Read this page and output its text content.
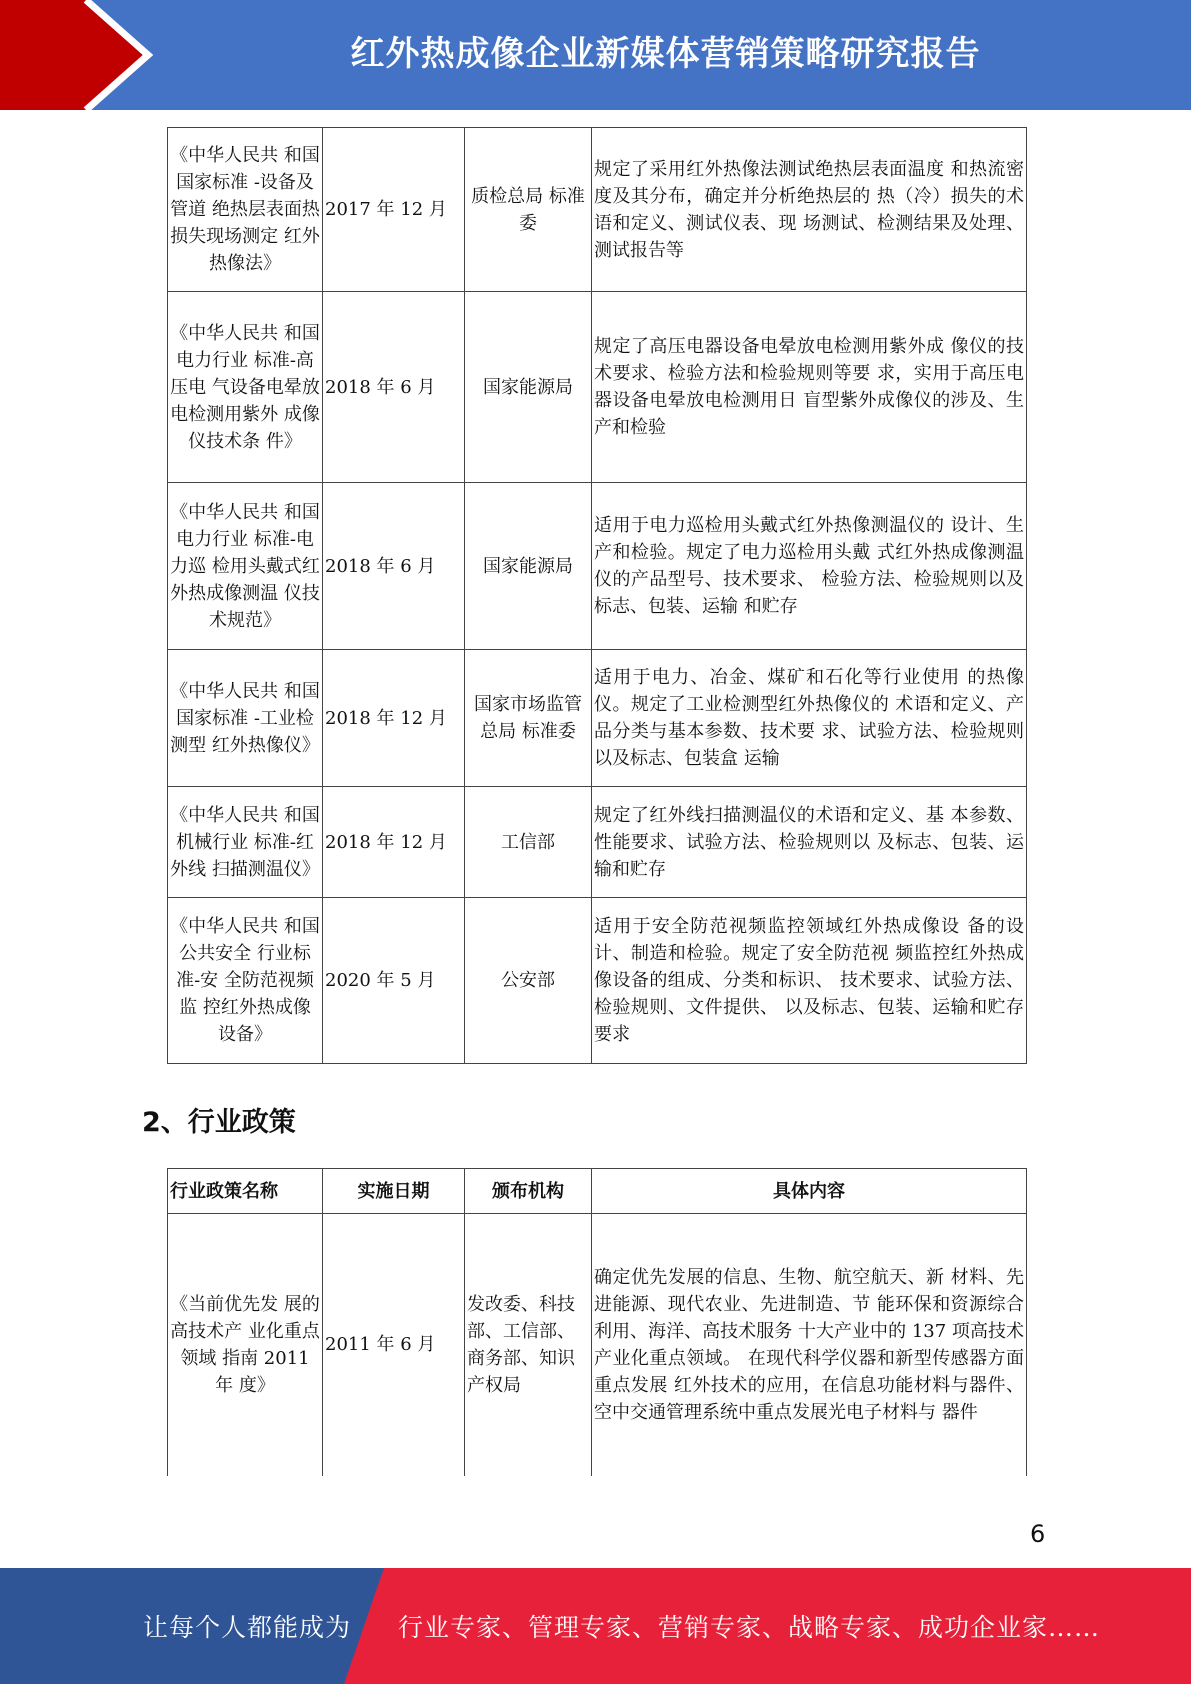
红外热成像企业新媒体营销策略研究报告
《中华人民共 和国国家标准 -设备及管道 绝热层表面热 损失现场测定 红外热像法》	2017 年 12 月	质检总局 标准委	规定了采用红外热像法测试绝热层表面温度 和热流密度及其分布，确定并分析绝热层的 热（冷）损失的术语和定义、测试仪表、现 场测试、检测结果及处理、测试报告等
《中华人民共 和国电力行业 标准-高压电 气设备电晕放 电检测用紫外 成像仪技术条 件》	2018 年 6 月	国家能源局	规定了高压电器设备电晕放电检测用紫外成 像仪的技术要求、检验方法和检验规则等要 求，实用于高压电器设备电晕放电检测用日 盲型紫外成像仪的涉及、生产和检验
《中华人民共 和国电力行业 标准-电力巡 检用头戴式红 外热成像测温 仪技术规范》	2018 年 6 月	国家能源局	适用于电力巡检用头戴式红外热像测温仪的 设计、生产和检验。规定了电力巡检用头戴 式红外热成像测温仪的产品型号、技术要求、 检验方法、检验规则以及标志、包装、运输 和贮存
《中华人民共 和国国家标准 -工业检测型 红外热像仪》	2018 年 12 月	国家市场监管总局 标准委	适用于电力、冶金、煤矿和石化等行业使用 的热像仪。规定了工业检测型红外热像仪的 术语和定义、产品分类与基本参数、技术要 求、试验方法、检验规则以及标志、包装盒 运输
《中华人民共 和国机械行业 标准-红外线 扫描测温仪》	2018 年 12 月	工信部	规定了红外线扫描测温仪的术语和定义、基 本参数、性能要求、试验方法、检验规则以 及标志、包装、运输和贮存
《中华人民共 和国公共安全 行业标准-安 全防范视频监 控红外热成像 设备》	2020 年 5 月	公安部	适用于安全防范视频监控领域红外热成像设 备的设计、制造和检验。规定了安全防范视 频监控红外热成像设备的组成、分类和标识、 技术要求、试验方法、检验规则、文件提供、 以及标志、包装、运输和贮存要求
2、行业政策
行业政策名称	实施日期	颁布机构	具体内容
《当前优先发 展的高技术产 业化重点领域 指南 2011 年 度》	2011 年 6 月	发改委、科技部、工信部、商务部、知识产权局	确定优先发展的信息、生物、航空航天、新 材料、先进能源、现代农业、先进制造、节 能环保和资源综合利用、海洋、高技术服务 十大产业中的 137 项高技术产业化重点领域。 在现代科学仪器和新型传感器方面重点发展 红外技术的应用，在信息功能材料与器件、 空中交通管理系统中重点发展光电子材料与 器件
6
让每个人都能成为 行业专家、管理专家、营销专家、战略专家、成功企业家……
